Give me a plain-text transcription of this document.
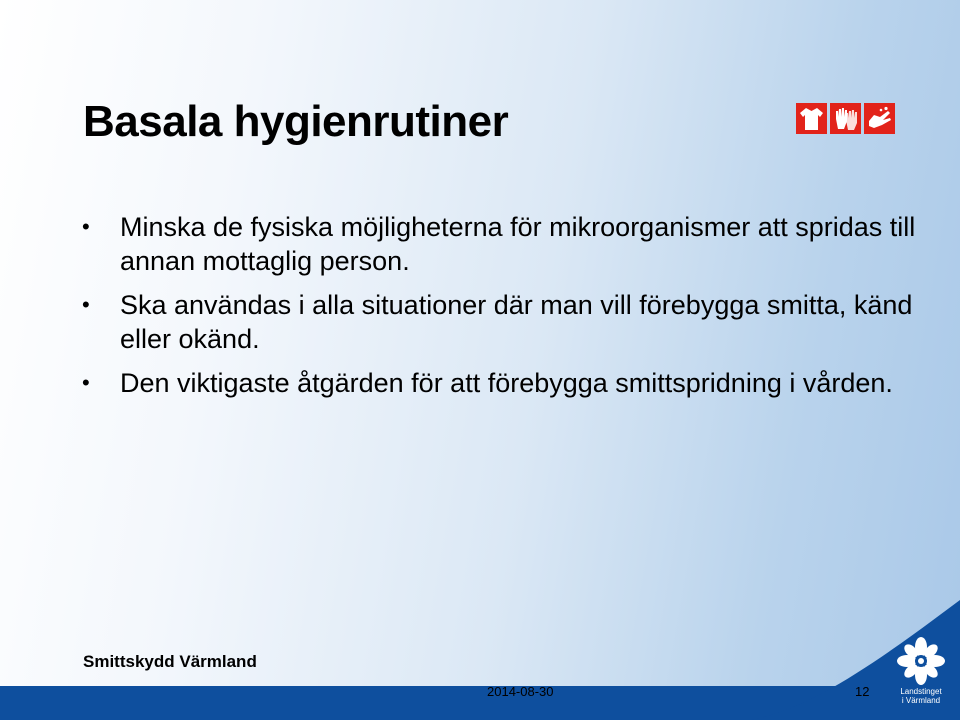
Basala hygienrutiner
• Minska de fysiska möjligheterna för mikroorganismer att spridas till annan mottaglig person.
• Ska användas i alla situationer där man vill förebygga smitta, känd eller okänd.
• Den viktigaste åtgärden för att förebygga smittspridning i vården.
Smittskydd Värmland
2014-08-30	12	Landstinget
i Värmland
